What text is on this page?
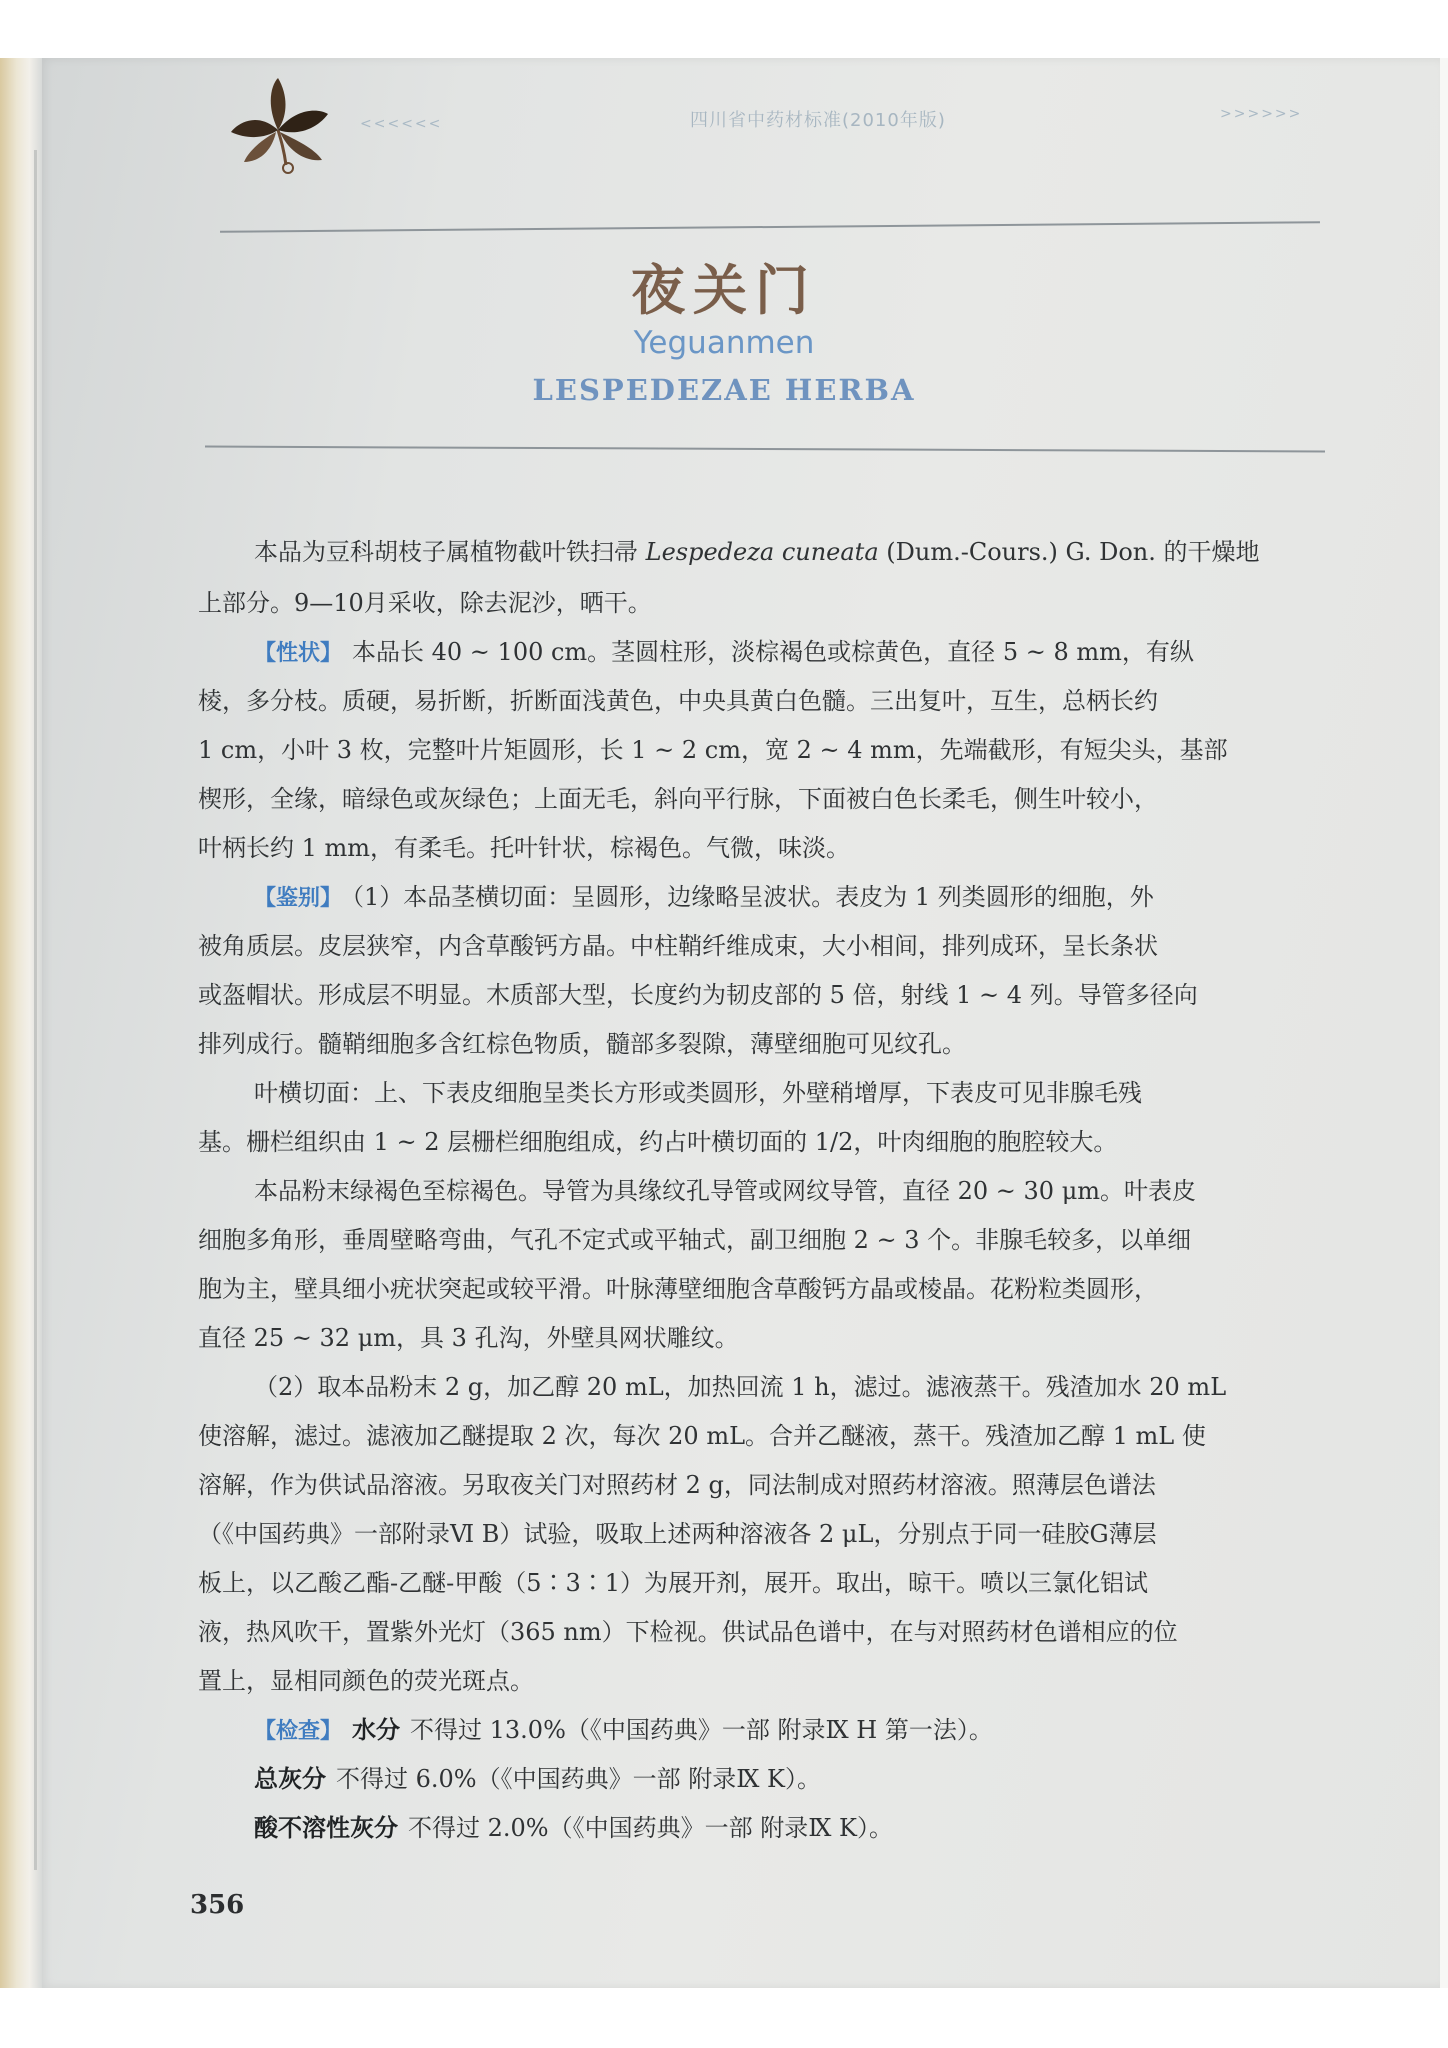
<<<<<<	四川省中药材标准(2010年版)	>>>>>>
夜关门
Yeguanmen
LESPEDEZAE HERBA
本品为豆科胡枝子属植物截叶铁扫帚 Lespedeza cuneata (Dum.-Cours.) G. Don. 的干燥地
上部分。9—10月采收，除去泥沙，晒干。
【性状】 本品长 40 ~ 100 cm。茎圆柱形，淡棕褐色或棕黄色，直径 5 ~ 8 mm，有纵
棱，多分枝。质硬，易折断，折断面浅黄色，中央具黄白色髓。三出复叶，互生，总柄长约
1 cm，小叶 3 枚，完整叶片矩圆形，长 1 ~ 2 cm，宽 2 ~ 4 mm，先端截形，有短尖头，基部
楔形，全缘，暗绿色或灰绿色；上面无毛，斜向平行脉，下面被白色长柔毛，侧生叶较小，
叶柄长约 1 mm，有柔毛。托叶针状，棕褐色。气微，味淡。
【鉴别】 （1）本品茎横切面：呈圆形，边缘略呈波状。表皮为 1 列类圆形的细胞，外
被角质层。皮层狭窄，内含草酸钙方晶。中柱鞘纤维成束，大小相间，排列成环，呈长条状
或盔帽状。形成层不明显。木质部大型，长度约为韧皮部的 5 倍，射线 1 ~ 4 列。导管多径向
排列成行。髓鞘细胞多含红棕色物质，髓部多裂隙，薄壁细胞可见纹孔。
叶横切面：上、下表皮细胞呈类长方形或类圆形，外壁稍增厚，下表皮可见非腺毛残
基。栅栏组织由 1 ~ 2 层栅栏细胞组成，约占叶横切面的 1/2，叶肉细胞的胞腔较大。
本品粉末绿褐色至棕褐色。导管为具缘纹孔导管或网纹导管，直径 20 ~ 30 μm。叶表皮
细胞多角形，垂周壁略弯曲，气孔不定式或平轴式，副卫细胞 2 ~ 3 个。非腺毛较多，以单细
胞为主，壁具细小疣状突起或较平滑。叶脉薄壁细胞含草酸钙方晶或棱晶。花粉粒类圆形，
直径 25 ~ 32 μm，具 3 孔沟，外壁具网状雕纹。
（2）取本品粉末 2 g，加乙醇 20 mL，加热回流 1 h，滤过。滤液蒸干。残渣加水 20 mL
使溶解，滤过。滤液加乙醚提取 2 次，每次 20 mL。合并乙醚液，蒸干。残渣加乙醇 1 mL 使
溶解，作为供试品溶液。另取夜关门对照药材 2 g，同法制成对照药材溶液。照薄层色谱法
（《中国药典》一部附录Ⅵ B）试验，吸取上述两种溶液各 2 μL，分别点于同一硅胶G薄层
板上，以乙酸乙酯-乙醚-甲酸（5∶3∶1）为展开剂，展开。取出，晾干。喷以三氯化铝试
液，热风吹干，置紫外光灯（365 nm）下检视。供试品色谱中，在与对照药材色谱相应的位
置上，显相同颜色的荧光斑点。
【检查】 水分 不得过 13.0%（《中国药典》一部 附录Ⅸ H 第一法）。
总灰分 不得过 6.0%（《中国药典》一部 附录Ⅸ K）。
酸不溶性灰分 不得过 2.0%（《中国药典》一部 附录Ⅸ K）。
356
